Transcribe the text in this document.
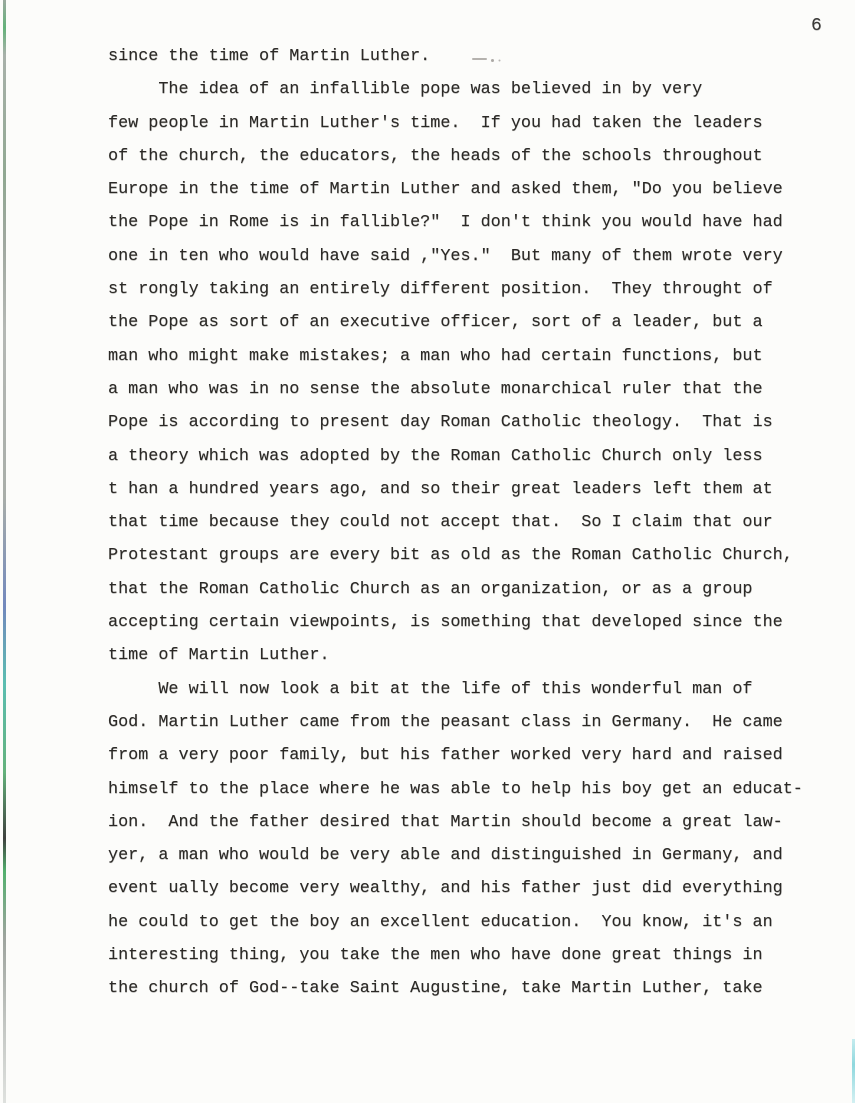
6
since the time of Martin Luther.
The idea of an infallible pope was believed in by very
few people in Martin Luther's time.  If you had taken the leaders
of the church, the educators, the heads of the schools throughout
Europe in the time of Martin Luther and asked them, "Do you believe
the Pope in Rome is in fallible?"  I don't think you would have had
one in ten who would have said ,"Yes."  But many of them wrote very
st rongly taking an entirely different position.  They throught of
the Pope as sort of an executive officer, sort of a leader, but a
man who might make mistakes; a man who had certain functions, but
a man who was in no sense the absolute monarchical ruler that the
Pope is according to present day Roman Catholic theology.  That is
a theory which was adopted by the Roman Catholic Church only less
t han a hundred years ago, and so their great leaders left them at
that time because they could not accept that.  So I claim that our
Protestant groups are every bit as old as the Roman Catholic Church,
that the Roman Catholic Church as an organization, or as a group
accepting certain viewpoints, is something that developed since the
time of Martin Luther.
We will now look a bit at the life of this wonderful man of
God. Martin Luther came from the peasant class in Germany.  He came
from a very poor family, but his father worked very hard and raised
himself to the place where he was able to help his boy get an educat-
ion.  And the father desired that Martin should become a great law-
yer, a man who would be very able and distinguished in Germany, and
event ually become very wealthy, and his father just did everything
he could to get the boy an excellent education.  You know, it's an
interesting thing, you take the men who have done great things in
the church of God--take Saint Augustine, take Martin Luther, take
